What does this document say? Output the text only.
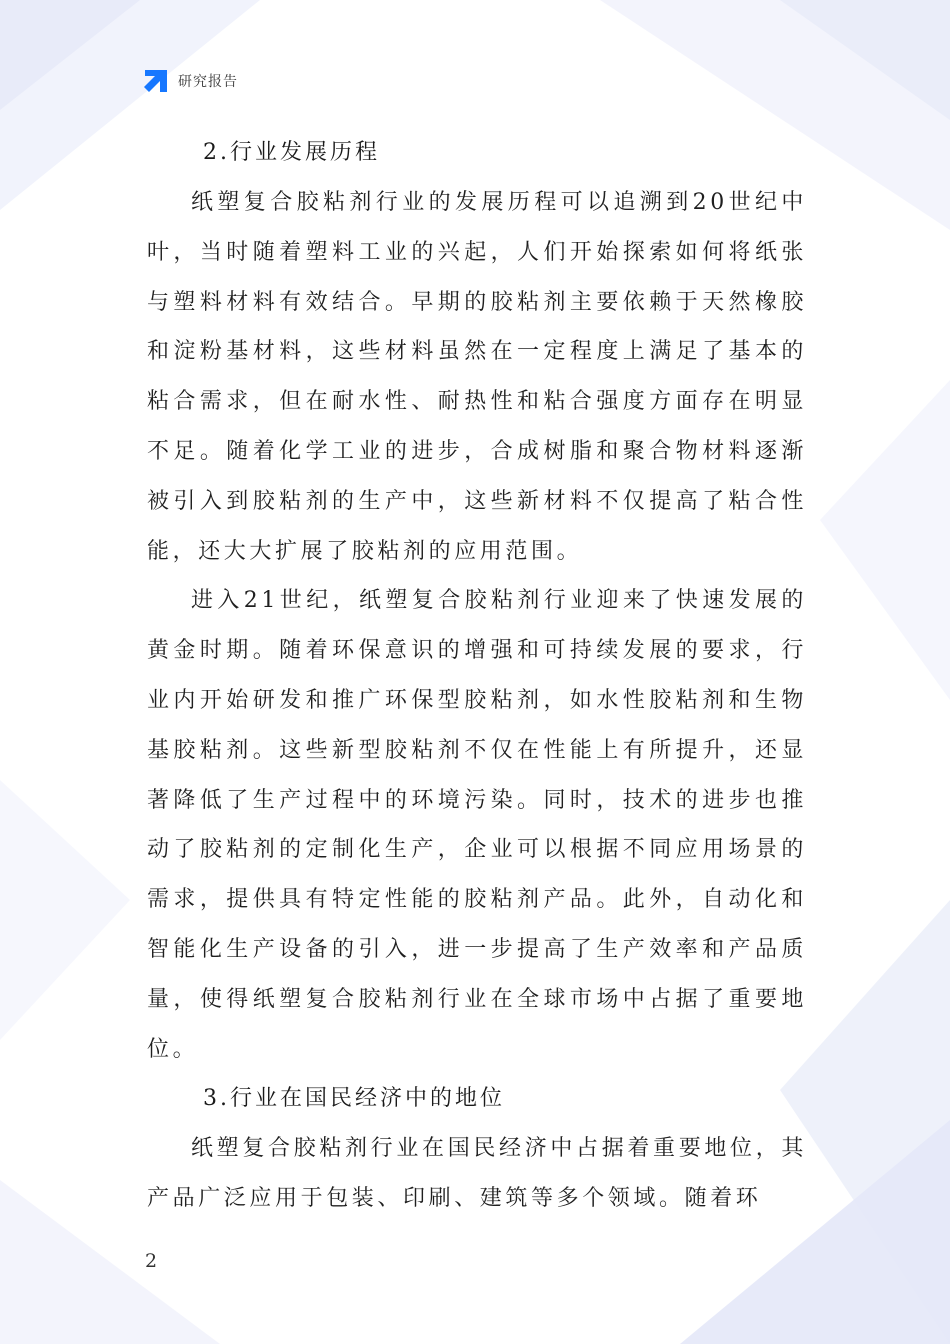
研究报告
2.行业发展历程

纸塑复合胶粘剂行业的发展历程可以追溯到20世纪中叶，当时随着塑料工业的兴起，人们开始探索如何将纸张与塑料材料有效结合。早期的胶粘剂主要依赖于天然橡胶和淀粉基材料，这些材料虽然在一定程度上满足了基本的粘合需求，但在耐水性、耐热性和粘合强度方面存在明显不足。随着化学工业的进步，合成树脂和聚合物材料逐渐被引入到胶粘剂的生产中，这些新材料不仅提高了粘合性能，还大大扩展了胶粘剂的应用范围。

进入21世纪，纸塑复合胶粘剂行业迎来了快速发展的黄金时期。随着环保意识的增强和可持续发展的要求，行业内开始研发和推广环保型胶粘剂，如水性胶粘剂和生物基胶粘剂。这些新型胶粘剂不仅在性能上有所提升，还显著降低了生产过程中的环境污染。同时，技术的进步也推动了胶粘剂的定制化生产，企业可以根据不同应用场景的需求，提供具有特定性能的胶粘剂产品。此外，自动化和智能化生产设备的引入，进一步提高了生产效率和产品质量，使得纸塑复合胶粘剂行业在全球市场中占据了重要地位。

3.行业在国民经济中的地位

纸塑复合胶粘剂行业在国民经济中占据着重要地位，其产品广泛应用于包装、印刷、建筑等多个领域。随着环

2
